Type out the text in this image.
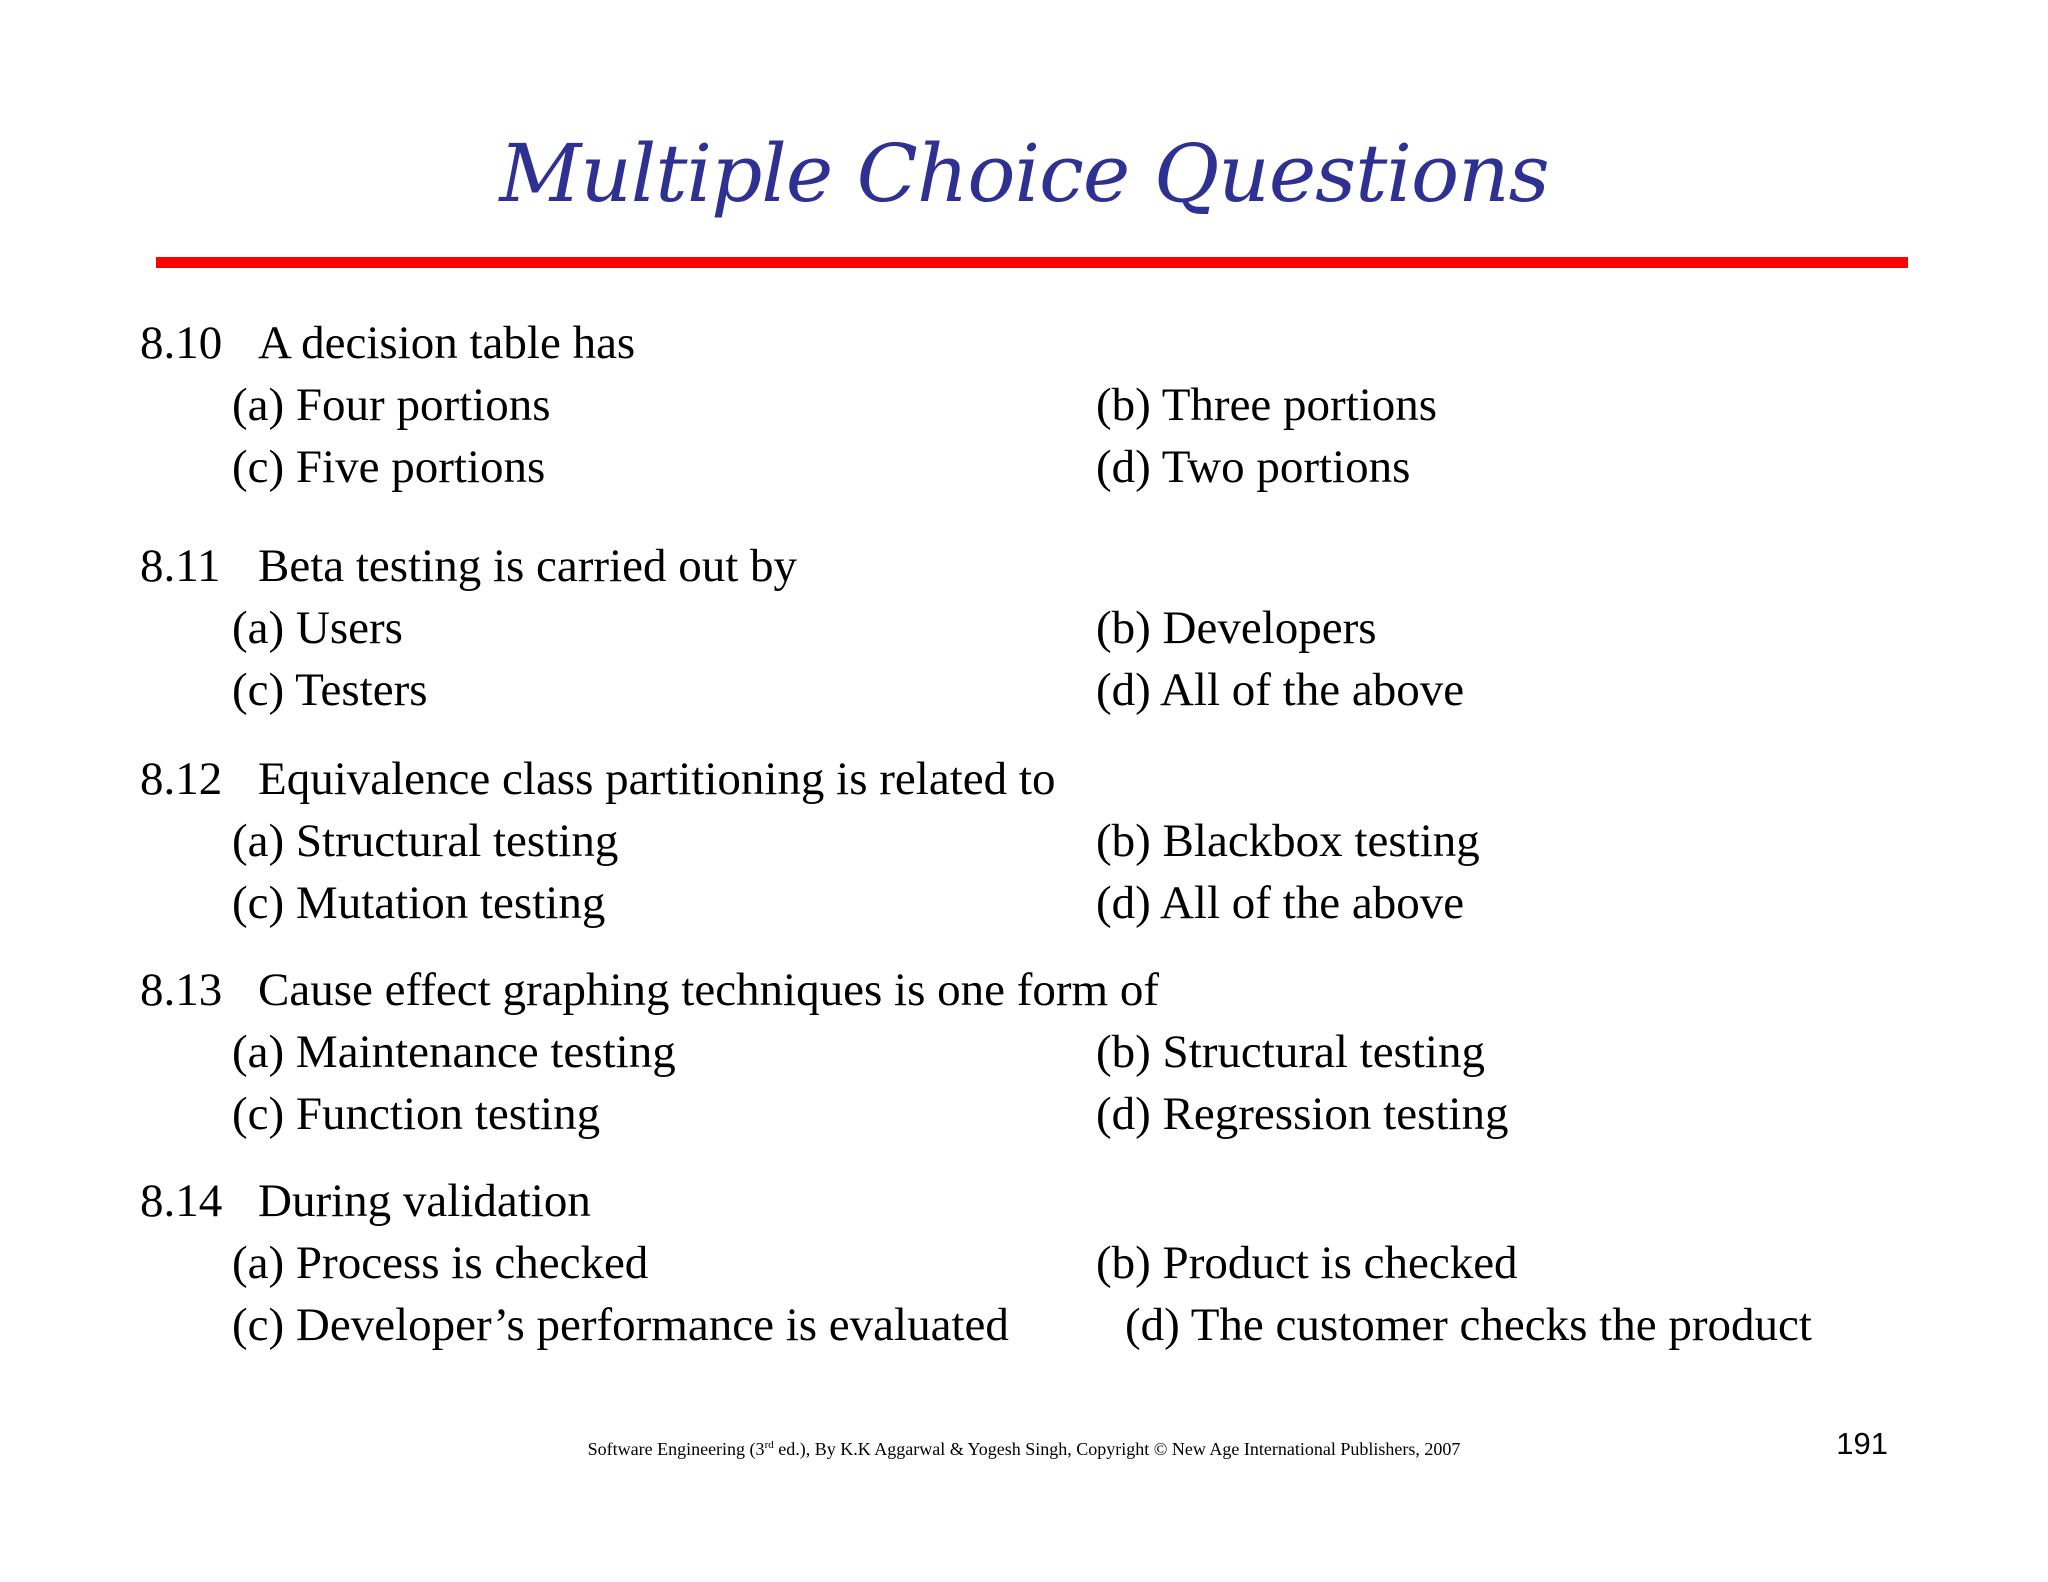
Multiple Choice Questions
8.10 A decision table has
(a) Four portions	(b) Three portions
(c) Five portions	(d) Two portions
8.11 Beta testing is carried out by
(a) Users	(b) Developers
(c) Testers	(d) All of the above
8.12 Equivalence class partitioning is related to
(a) Structural testing	(b) Blackbox testing
(c) Mutation testing	(d) All of the above
8.13 Cause effect graphing techniques is one form of
(a) Maintenance testing	(b) Structural testing
(c) Function testing	(d) Regression testing
8.14 During validation
(a) Process is checked	(b) Product is checked
(c) Developer’s performance is evaluated (d) The customer checks the product
Software Engineering (3rd ed.), By K.K Aggarwal & Yogesh Singh, Copyright © New Age International Publishers, 2007	191
